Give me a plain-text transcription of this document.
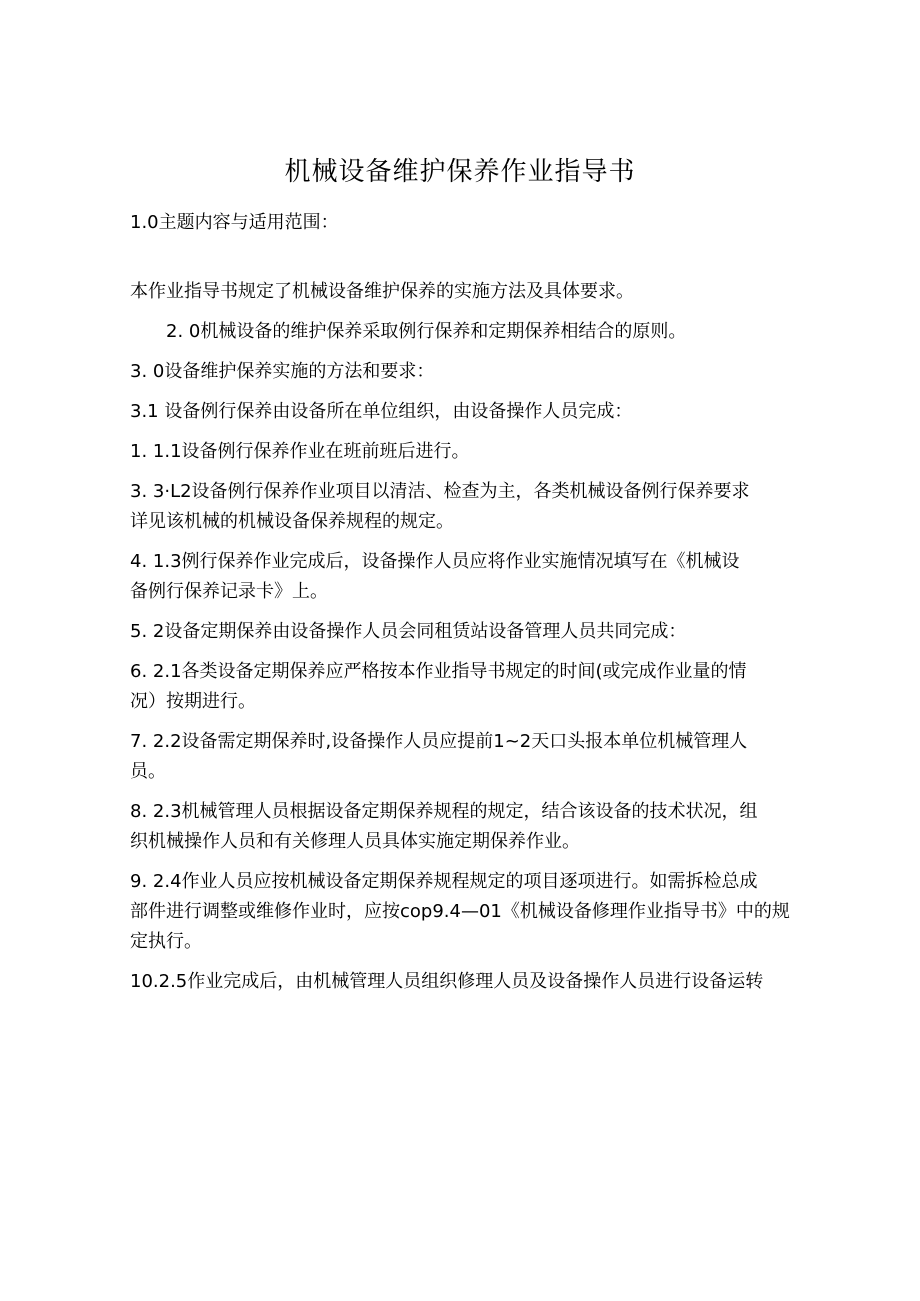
机械设备维护保养作业指导书

1.0主题内容与适用范围：

本作业指导书规定了机械设备维护保养的实施方法及具体要求。

2. 0机械设备的维护保养采取例行保养和定期保养相结合的原则。

3. 0设备维护保养实施的方法和要求：

3.1 设备例行保养由设备所在单位组织，由设备操作人员完成：

1. 1.1设备例行保养作业在班前班后进行。

3. 3·L2设备例行保养作业项目以清洁、检查为主，各类机械设备例行保养要求
详见该机械的机械设备保养规程的规定。

4. 1.3例行保养作业完成后，设备操作人员应将作业实施情况填写在《机械设
备例行保养记录卡》上。

5. 2设备定期保养由设备操作人员会同租赁站设备管理人员共同完成：

6. 2.1各类设备定期保养应严格按本作业指导书规定的时间(或完成作业量的情
况）按期进行。

7. 2.2设备需定期保养时,设备操作人员应提前1~2天口头报本单位机械管理人
员。

8. 2.3机械管理人员根据设备定期保养规程的规定，结合该设备的技术状况，组
织机械操作人员和有关修理人员具体实施定期保养作业。

9. 2.4作业人员应按机械设备定期保养规程规定的项目逐项进行。如需拆检总成
部件进行调整或维修作业时，应按cop9.4—01《机械设备修理作业指导书》中的规
定执行。

10.2.5作业完成后，由机械管理人员组织修理人员及设备操作人员进行设备运转
